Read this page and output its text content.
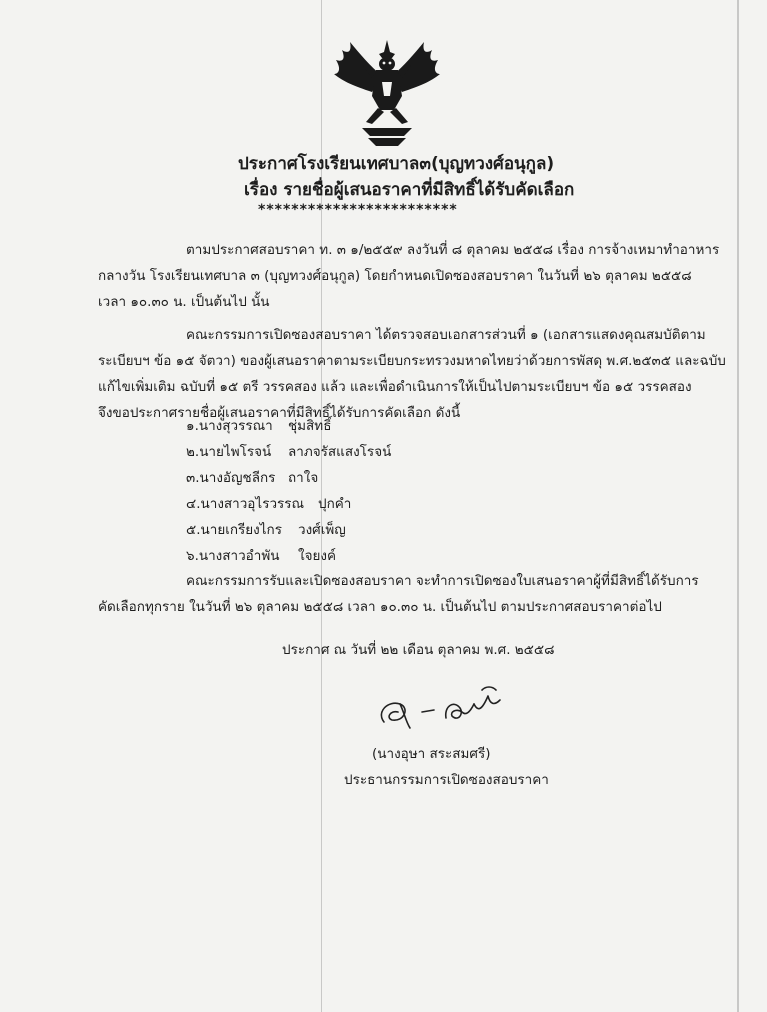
ประกาศโรงเรียนเทศบาล๓(บุญทวงศ์อนุกูล)
เรื่อง รายชื่อผู้เสนอราคาที่มีสิทธิ์ได้รับคัดเลือก
************************
ตามประกาศสอบราคา ท. ๓ ๑/๒๕๕๙ ลงวันที่ ๘ ตุลาคม ๒๕๕๘ เรื่อง การจ้างเหมาทำอาหาร
กลางวัน โรงเรียนเทศบาล ๓ (บุญทวงศ์อนุกูล) โดยกำหนดเปิดซองสอบราคา ในวันที่ ๒๖ ตุลาคม ๒๕๕๘
เวลา ๑๐.๓๐ น. เป็นต้นไป นั้น
คณะกรรมการเปิดซองสอบราคา ได้ตรวจสอบเอกสารส่วนที่ ๑ (เอกสารแสดงคุณสมบัติตาม
ระเบียบฯ ข้อ ๑๕ จัตวา) ของผู้เสนอราคาตามระเบียบกระทรวงมหาดไทยว่าด้วยการพัสดุ พ.ศ.๒๕๓๕ และฉบับ
แก้ไขเพิ่มเติม ฉบับที่ ๑๕ ตรี วรรคสอง แล้ว และเพื่อดำเนินการให้เป็นไปตามระเบียบฯ ข้อ ๑๕ วรรคสอง
จึงขอประกาศรายชื่อผู้เสนอราคาที่มีสิทธิ์ได้รับการคัดเลือก ดังนี้
๑.นางสุวรรณา ชุ่มสิทธิ์
๒.นายไพโรจน์ ลาภจรัสแสงโรจน์
๓.นางอัญชลีกร ถาใจ
๔.นางสาวอุไรวรรณ ปุกคำ
๕.นายเกรียงไกร วงศ์เพ็ญ
๖.นางสาวอำพัน ใจยงค์
คณะกรรมการรับและเปิดซองสอบราคา จะทำการเปิดซองใบเสนอราคาผู้ที่มีสิทธิ์ได้รับการ
คัดเลือกทุกราย ในวันที่ ๒๖ ตุลาคม ๒๕๕๘ เวลา ๑๐.๓๐ น. เป็นต้นไป ตามประกาศสอบราคาต่อไป
ประกาศ ณ วันที่ ๒๒ เดือน ตุลาคม พ.ศ. ๒๕๕๘
(นางอุษา สระสมศรี)
ประธานกรรมการเปิดซองสอบราคา
